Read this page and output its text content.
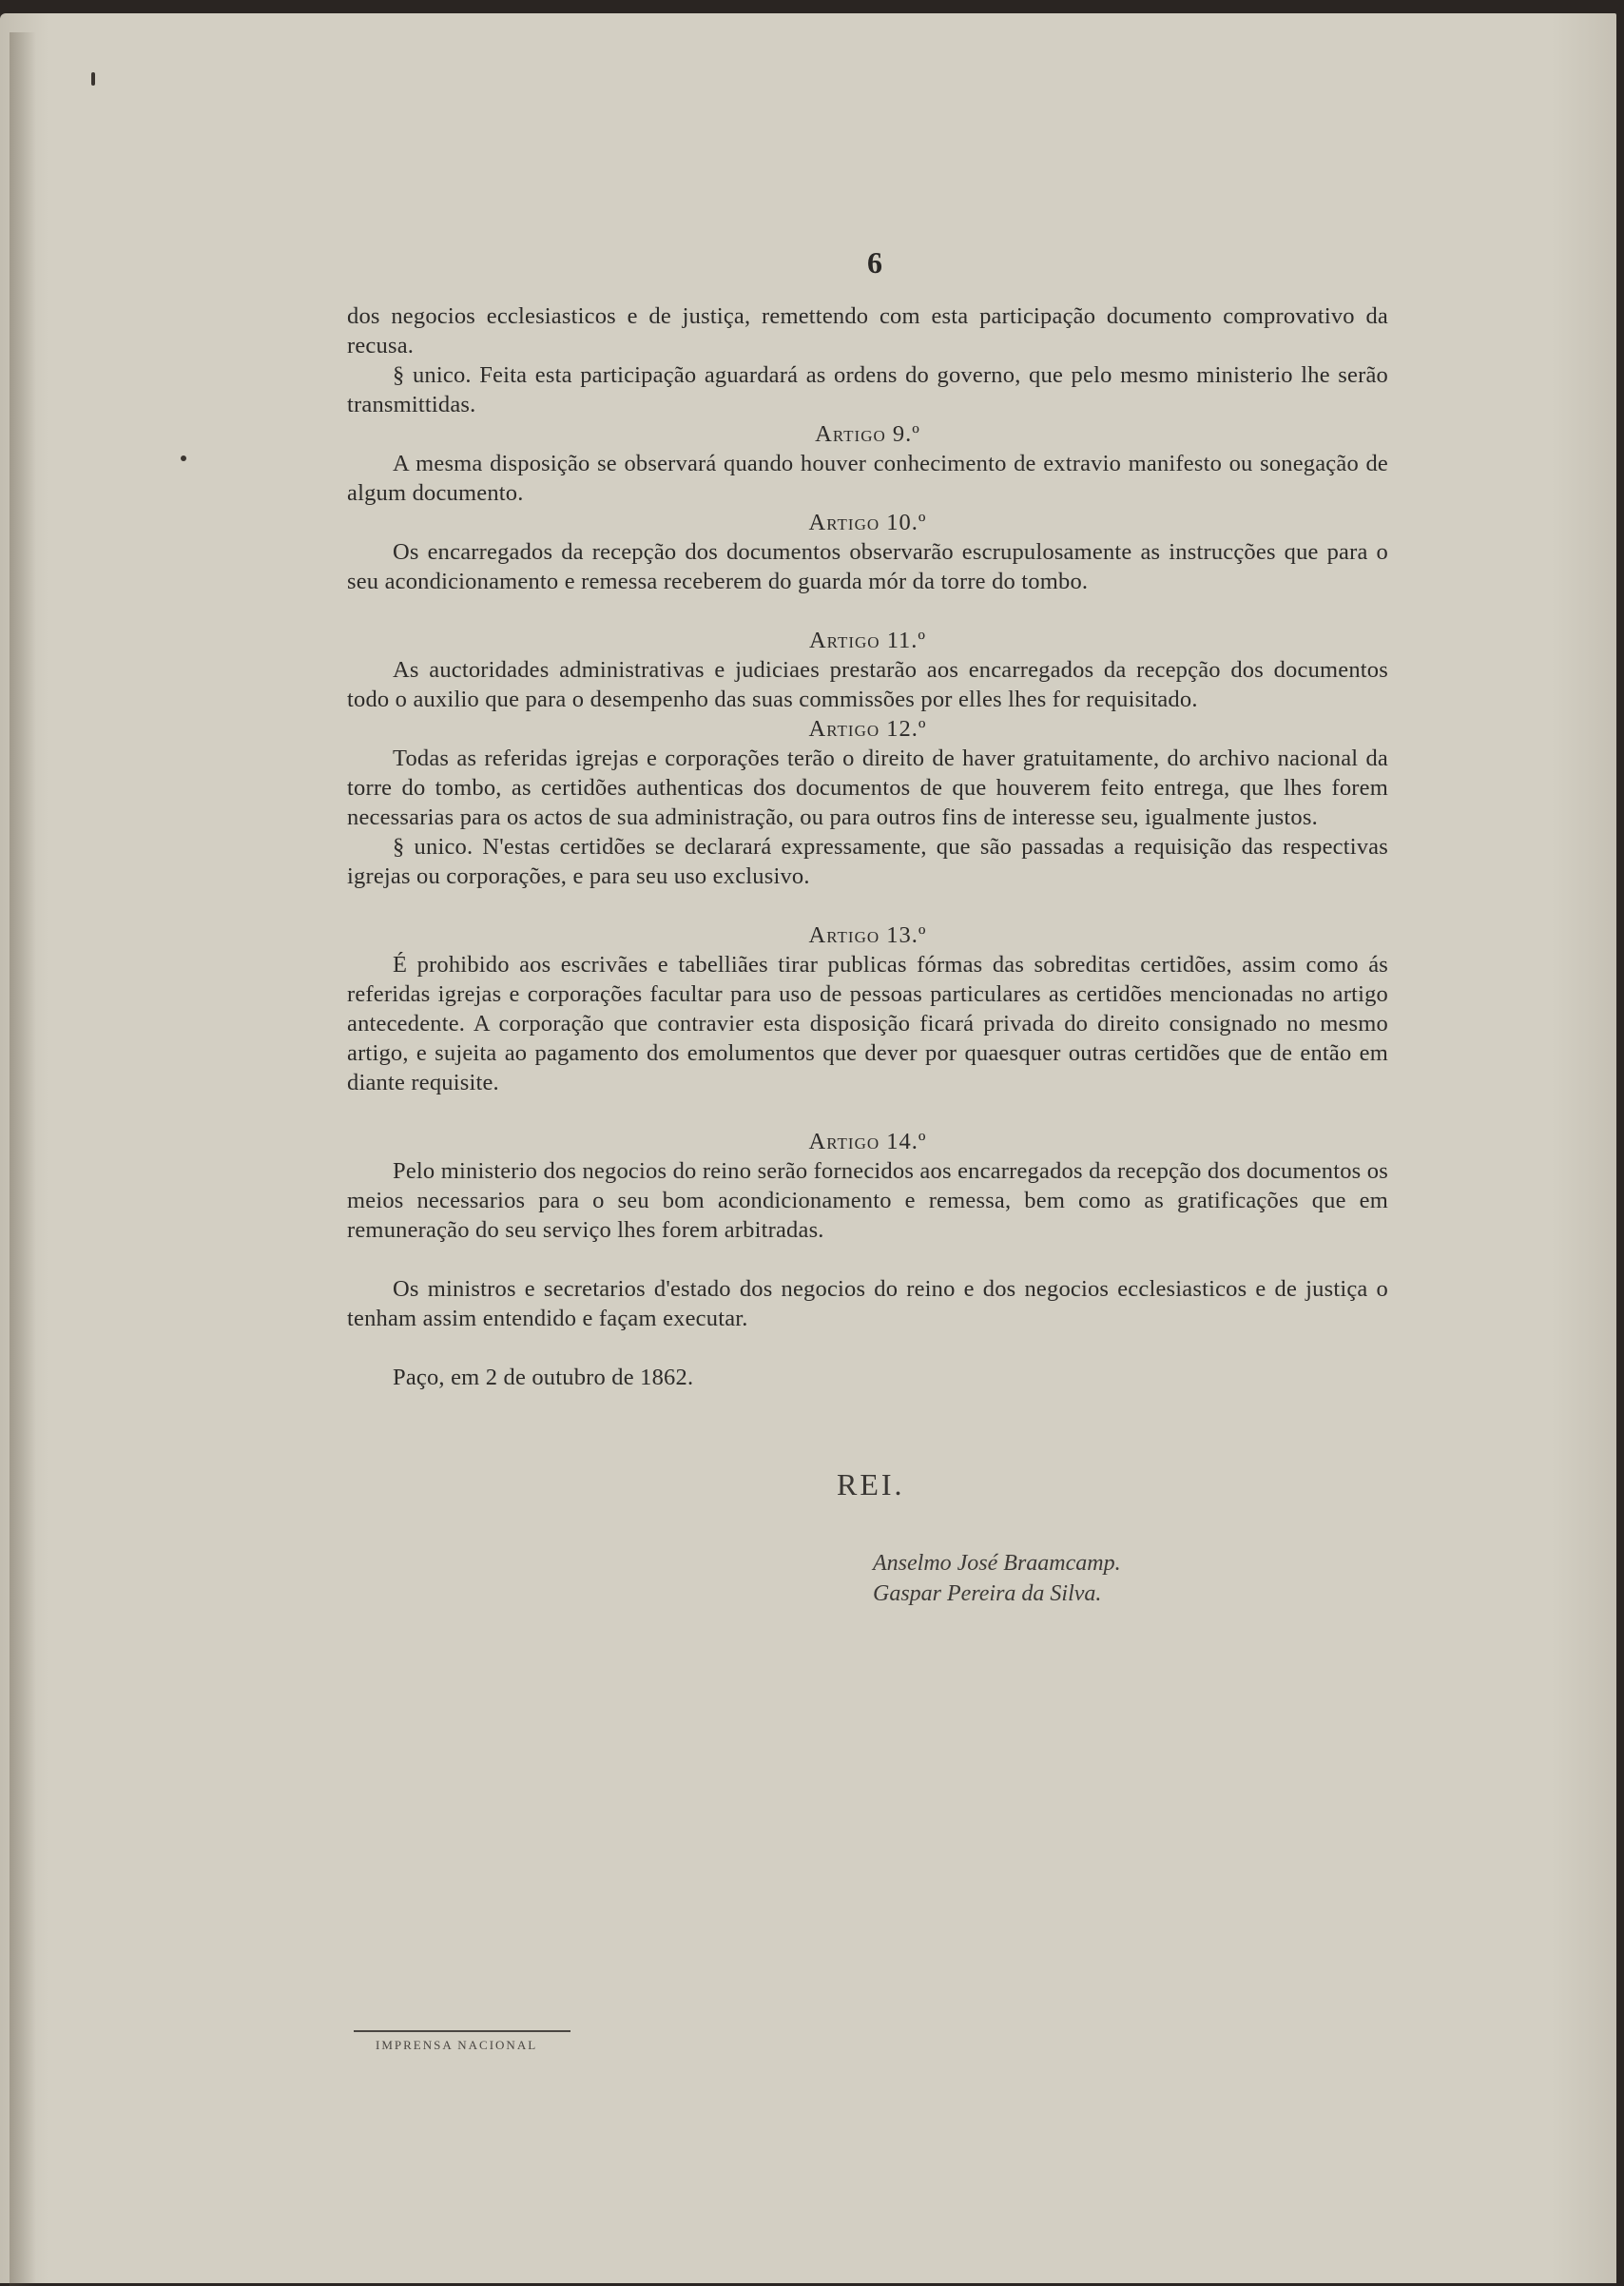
6

dos negocios ecclesiasticos e de justiça, remettendo com esta participação documento comprovativo da recusa.

§ unico. Feita esta participação aguardará as ordens do governo, que pelo mesmo ministerio lhe serão transmittidas.

Artigo 9.º

A mesma disposição se observará quando houver conhecimento de extravio manifesto ou sonegação de algum documento.

Artigo 10.º

Os encarregados da recepção dos documentos observarão escrupulosamente as instrucções que para o seu acondicionamento e remessa receberem do guarda mór da torre do tombo.

Artigo 11.º

As auctoridades administrativas e judiciaes prestarão aos encarregados da recepção dos documentos todo o auxilio que para o desempenho das suas commissões por elles lhes for requisitado.

Artigo 12.º

Todas as referidas igrejas e corporações terão o direito de haver gratuitamente, do archivo nacional da torre do tombo, as certidões authenticas dos documentos de que houverem feito entrega, que lhes forem necessarias para os actos de sua administração, ou para outros fins de interesse seu, igualmente justos.

§ unico. N'estas certidões se declarará expressamente, que são passadas a requisição das respectivas igrejas ou corporações, e para seu uso exclusivo.

Artigo 13.º

É prohibido aos escrivães e tabelliães tirar publicas fórmas das sobreditas certidões, assim como ás referidas igrejas e corporações facultar para uso de pessoas particulares as certidões mencionadas no artigo antecedente. A corporação que contravier esta disposição ficará privada do direito consignado no mesmo artigo, e sujeita ao pagamento dos emolumentos que dever por quaesquer outras certidões que de então em diante requisite.

Artigo 14.º

Pelo ministerio dos negocios do reino serão fornecidos aos encarregados da recepção dos documentos os meios necessarios para o seu bom acondicionamento e remessa, bem como as gratificações que em remuneração do seu serviço lhes forem arbitradas.

Os ministros e secretarios d'estado dos negocios do reino e dos negocios ecclesiasticos e de justiça o tenham assim entendido e façam executar.

Paço, em 2 de outubro de 1862.

REI.
Anselmo José Braamcamp.
Gaspar Pereira da Silva.
IMPRENSA NACIONAL
